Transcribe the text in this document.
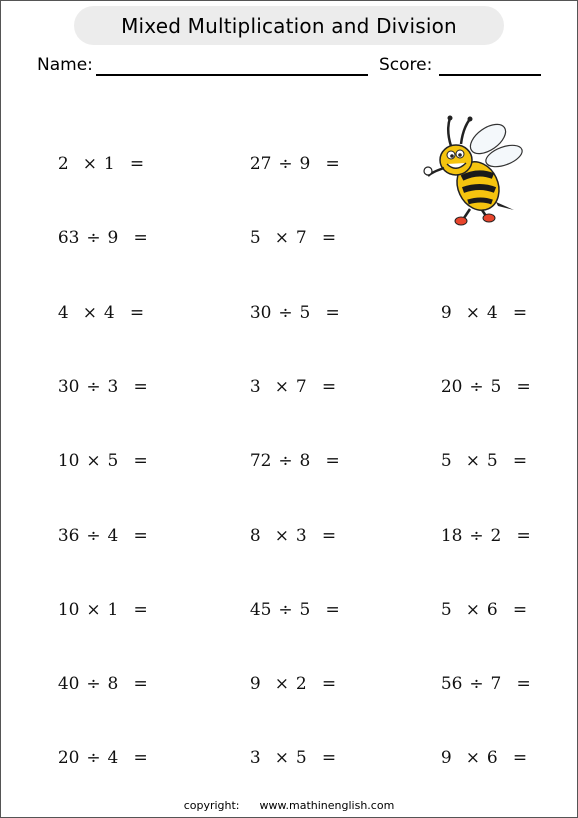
Mixed Multiplication and Division
Name:	Score:

2 × 1 =	27 ÷ 9 =

63 ÷ 9 =	5 × 7 =

4 × 4 =	30 ÷ 5 =	9 × 4 =

30 ÷ 3 =	3 × 7 =	20 ÷ 5 =

10 × 5 =	72 ÷ 8 =	5 × 5 =

36 ÷ 4 =	8 × 3 =	18 ÷ 2 =

10 × 1 =	45 ÷ 5 =	5 × 6 =

40 ÷ 8 =	9 × 2 =	56 ÷ 7 =

20 ÷ 4 =	3 × 5 =	9 × 6 =

copyright: www.mathinenglish.com
